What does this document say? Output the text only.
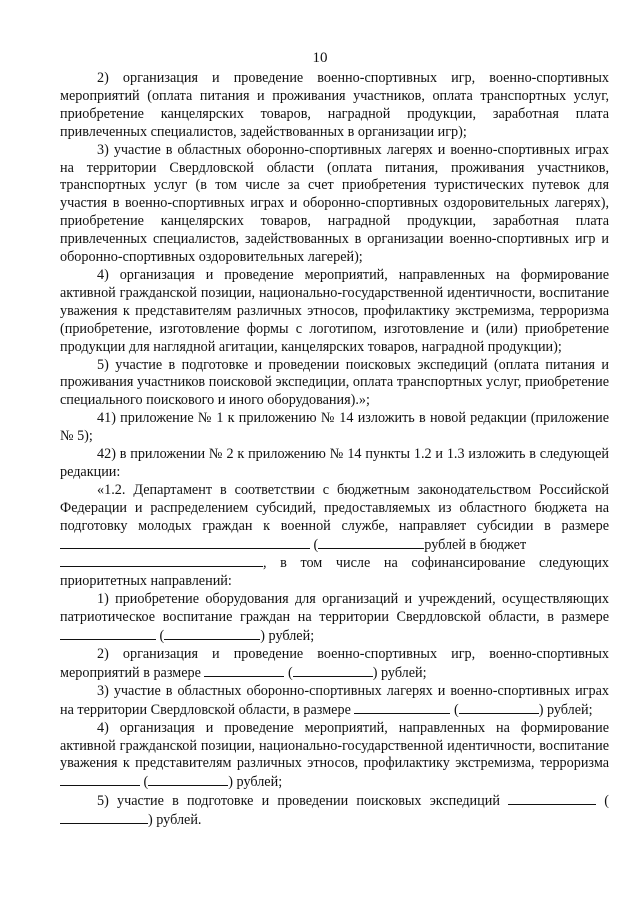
10

2) организация и проведение военно-спортивных игр, военно-спортивных мероприятий (оплата питания и проживания участников, оплата транспортных услуг, приобретение канцелярских товаров, наградной продукции, заработная плата привлеченных специалистов, задействованных в организации игр);

3) участие в областных оборонно-спортивных лагерях и военно-спортивных играх на территории Свердловской области (оплата питания, проживания участников, транспортных услуг (в том числе за счет приобретения туристических путевок для участия в военно-спортивных играх и оборонно-спортивных оздоровительных лагерях), приобретение канцелярских товаров, наградной продукции, заработная плата привлеченных специалистов, задействованных в организации военно-спортивных игр и оборонно-спортивных оздоровительных лагерей);

4) организация и проведение мероприятий, направленных на формирование активной гражданской позиции, национально-государственной идентичности, воспитание уважения к представителям различных этносов, профилактику экстремизма, терроризма (приобретение, изготовление формы с логотипом, изготовление и (или) приобретение продукции для наглядной агитации, канцелярских товаров, наградной продукции);

5) участие в подготовке и проведении поисковых экспедиций (оплата питания и проживания участников поисковой экспедиции, оплата транспортных услуг, приобретение специального поискового и иного оборудования).»;

41) приложение № 1 к приложению № 14 изложить в новой редакции (приложение № 5);

42) в приложении № 2 к приложению № 14 пункты 1.2 и 1.3 изложить в следующей редакции:

«1.2. Департамент в соответствии с бюджетным законодательством Российской Федерации и распределением субсидий, предоставляемых из областного бюджета на подготовку молодых граждан к военной службе, направляет субсидии в размере  (	рублей в бюджет

, в том числе на софинансирование следующих приоритетных направлений:

1) приобретение оборудования для организаций и учреждений, осуществляющих патриотическое воспитание граждан на территории Свердловской области, в размере  (	) рублей;

2) организация и проведение военно-спортивных игр, военно-спортивных мероприятий в размере	(	) рублей;

3) участие в областных оборонно-спортивных лагерях и военно-спортивных играх на территории Свердловской области, в размере	(	) рублей;

4) организация и проведение мероприятий, направленных на формирование активной гражданской позиции, национально-государственной идентичности, воспитание уважения к представителям различных этносов, профилактику экстремизма, терроризма  (	) рублей;

5) участие в подготовке и проведении поисковых экспедиций	() рублей.
